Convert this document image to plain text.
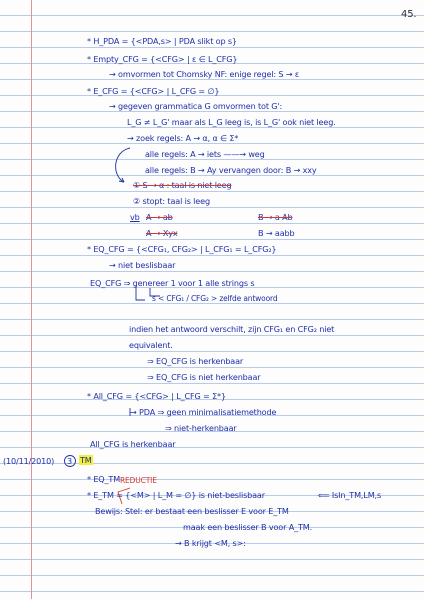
45.
* H_PDA = {<PDA,s> | PDA slikt op s}
* Empty_CFG = {<CFG> | ε ∈ L_CFG}
→ omvormen tot Chomsky NF: enige regel: S → ε
* E_CFG = {<CFG> | L_CFG = ∅}
→ gegeven grammatica G omvormen tot G':
L_G ≠ L_G' maar als L_G leeg is, is L_G' ook niet leeg.
→ zoek regels: A → α, α ∈ Σ*
alle regels: A → iets ——→ weg
alle regels: B → Ay vervangen door: B → xxy
① S → α : taal is niet leeg
② stopt: taal is leeg
vb A → ab	B → a Ab
A → Xyx	B → aabb
* EQ_CFG = {<CFG₁, CFG₂> | L_CFG₁ = L_CFG₂}
→ niet beslisbaar
EQ_CFG ⇒ genereer 1 voor 1 alle strings s
s < CFG₁ / CFG₂ > zelfde antwoord
indien het antwoord verschilt, zijn CFG₁ en CFG₂ niet
equivalent.
⇒ EQ_CFG is herkenbaar
⇒ EQ_CFG is niet herkenbaar
* All_CFG = {<CFG> | L_CFG = Σ*}
→ PDA ⇒ geen minimalisatiemethode
⇒ niet-herkenbaar
All_CFG is herkenbaar
(10/11/2010) 3 TM
* EQ_TM REDUCTIE
* E_TM = {<M> | L_M = ∅} is niet-beslisbaar	⟸ IsIn_TM,LM,s
Bewijs: Stel: er bestaat een beslisser E voor E_TM
maak een beslisser B voor A_TM.
→ B krijgt <M, s>:
